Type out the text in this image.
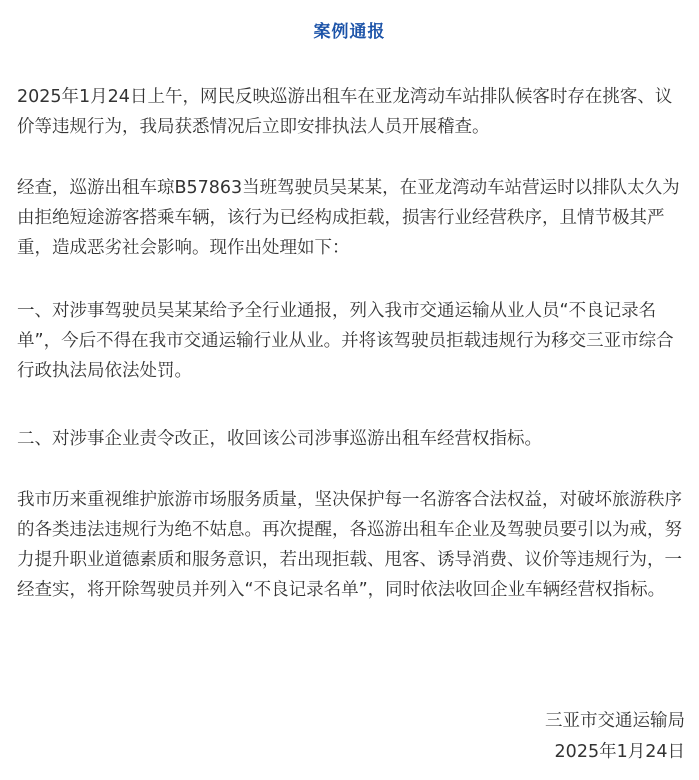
案例通报

2025年1月24日上午，网民反映巡游出租车在亚龙湾动车站排队候客时存在挑客、议价等违规行为，我局获悉情况后立即安排执法人员开展稽查。

经查，巡游出租车琼B57863当班驾驶员吴某某，在亚龙湾动车站营运时以排队太久为由拒绝短途游客搭乘车辆，该行为已经构成拒载，损害行业经营秩序，且情节极其严重，造成恶劣社会影响。现作出处理如下：

一、对涉事驾驶员吴某某给予全行业通报，列入我市交通运输从业人员“不良记录名单”，今后不得在我市交通运输行业从业。并将该驾驶员拒载违规行为移交三亚市综合行政执法局依法处罚。

二、对涉事企业责令改正，收回该公司涉事巡游出租车经营权指标。

我市历来重视维护旅游市场服务质量，坚决保护每一名游客合法权益，对破坏旅游秩序的各类违法违规行为绝不姑息。再次提醒，各巡游出租车企业及驾驶员要引以为戒，努力提升职业道德素质和服务意识，若出现拒载、甩客、诱导消费、议价等违规行为，一经查实，将开除驾驶员并列入“不良记录名单”，同时依法收回企业车辆经营权指标。

三亚市交通运输局
2025年1月24日
